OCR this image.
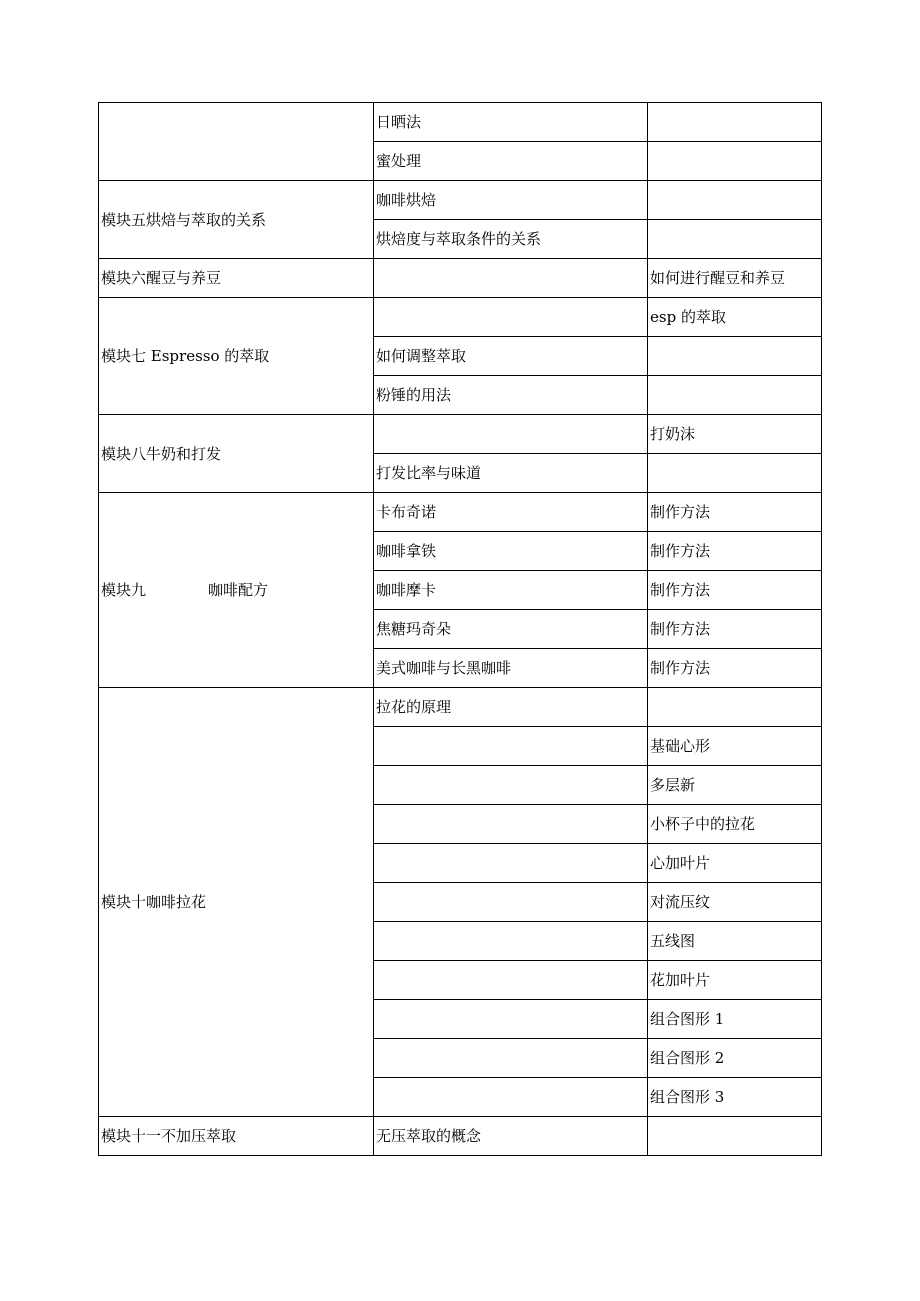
	日晒法	
	蜜处理	
模块五烘焙与萃取的关系	咖啡烘焙	
	烘焙度与萃取条件的关系	
模块六醒豆与养豆		如何进行醒豆和养豆
模块七 Espresso 的萃取		esp 的萃取
	如何调整萃取	
	粉锤的用法	
模块八牛奶和打发		打奶沫
	打发比率与味道	
模块九 咖啡配方	卡布奇诺	制作方法
	咖啡拿铁	制作方法
	咖啡摩卡	制作方法
	焦糖玛奇朵	制作方法
	美式咖啡与长黑咖啡	制作方法
模块十咖啡拉花	拉花的原理	
		基础心形
		多层新
		小杯子中的拉花
		心加叶片
		对流压纹
		五线图
		花加叶片
		组合图形 1
		组合图形 2
		组合图形 3
模块十一不加压萃取	无压萃取的概念	
